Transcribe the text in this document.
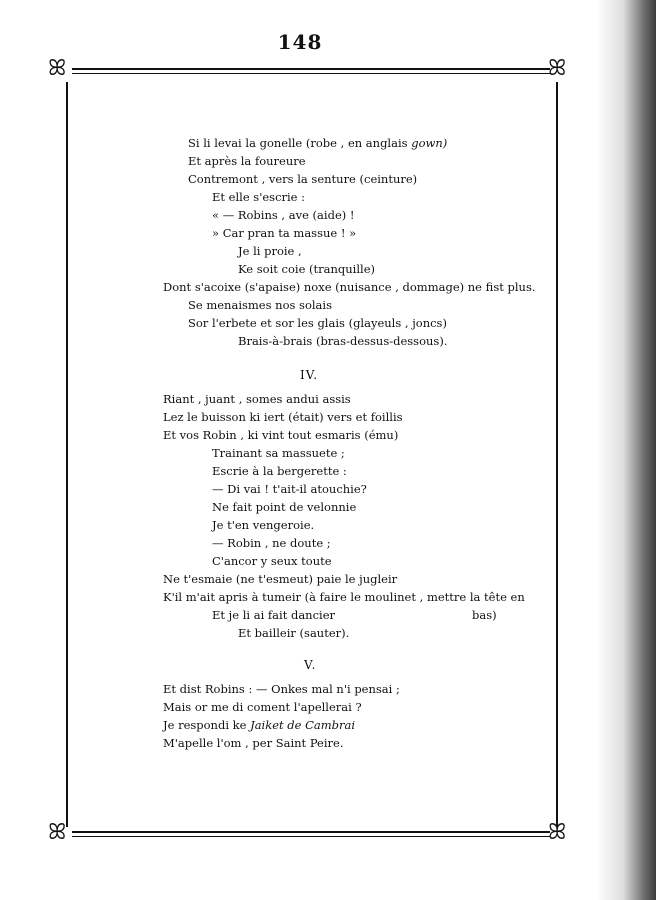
148
ꕤ	ꕤ
ꕤ	ꕤ
Si li levai la gonelle (robe , en anglais gown)
Et après la foureure
Contremont , vers la senture (ceinture)
Et elle s'escrie :
« — Robins , ave (aide) !
» Car pran ta massue ! »
Je li proie ,
Ke soit coie (tranquille)
Dont s'acoixe (s'apaise) noxe (nuisance , dommage) ne fist plus.
Se menaismes nos solais
Sor l'erbete et sor les glais (glayeuls , joncs)
Brais-à-brais (bras-dessus-dessous).
IV.
Riant , juant , somes andui assis
Lez le buisson ki iert (était) vers et foillis
Et vos Robin , ki vint tout esmaris (ému)
Trainant sa massuete ;
Escrie à la bergerette :
— Di vai ! t'ait-il atouchie?
Ne fait point de velonnie
Je t'en vengeroie.
— Robin , ne doute ;
C'ancor y seux toute
Ne t'esmaie (ne t'esmeut) paie le jugleir
K'il m'ait apris à tumeir (à faire le moulinet , mettre la tête en
Et je li ai fait dancier	bas)
Et bailleir (sauter).
V.
Et dist Robins : — Onkes mal n'i pensai ;
Mais or me di coment l'apellerai ?
Je respondi ke Jaiket de Cambrai
M'apelle l'om , per Saint Peire.
